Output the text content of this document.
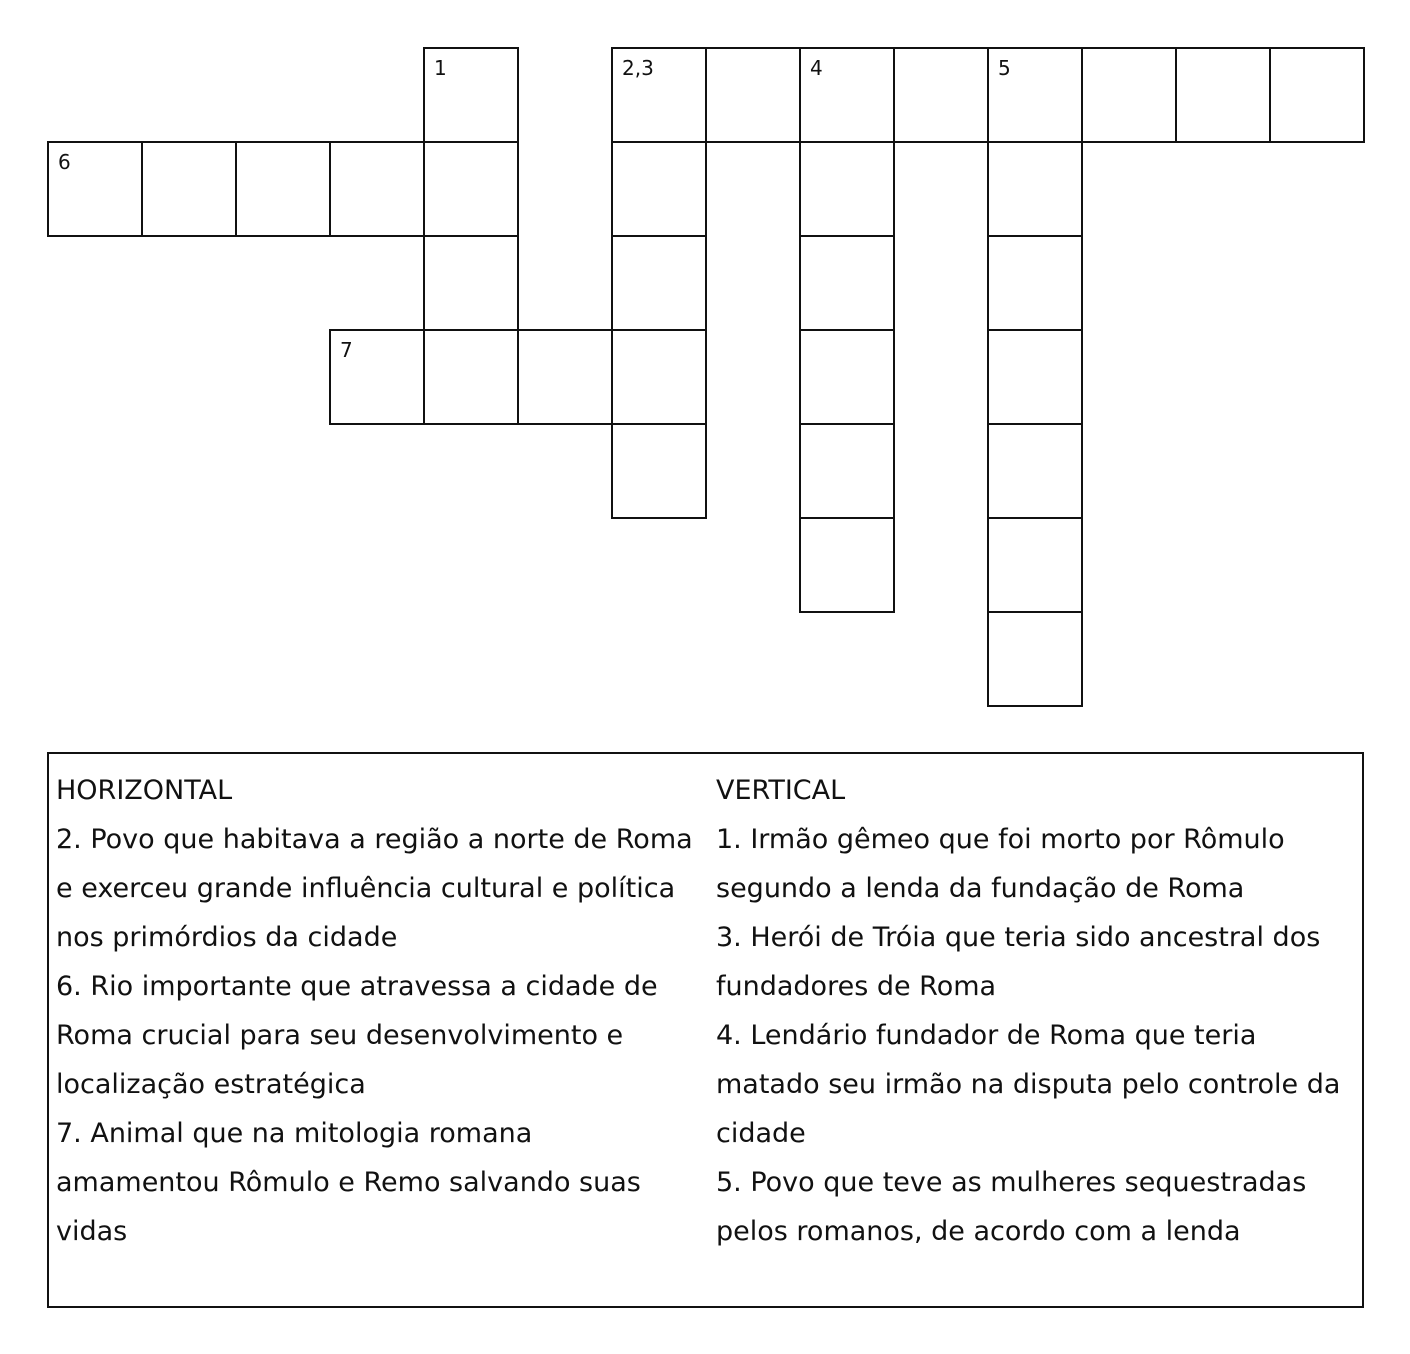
1	2,3	4	5
6
7
HORIZONTAL
2. Povo que habitava a região a norte de Roma e exerceu grande influência cultural e política nos primórdios da cidade
6. Rio importante que atravessa a cidade de Roma crucial para seu desenvolvimento e localização estratégica
7. Animal que na mitologia romana amamentou Rômulo e Remo salvando suas vidas
VERTICAL
1. Irmão gêmeo que foi morto por Rômulo segundo a lenda da fundação de Roma
3. Herói de Tróia que teria sido ancestral dos fundadores de Roma
4. Lendário fundador de Roma que teria matado seu irmão na disputa pelo controle da cidade
5. Povo que teve as mulheres sequestradas pelos romanos, de acordo com a lenda
